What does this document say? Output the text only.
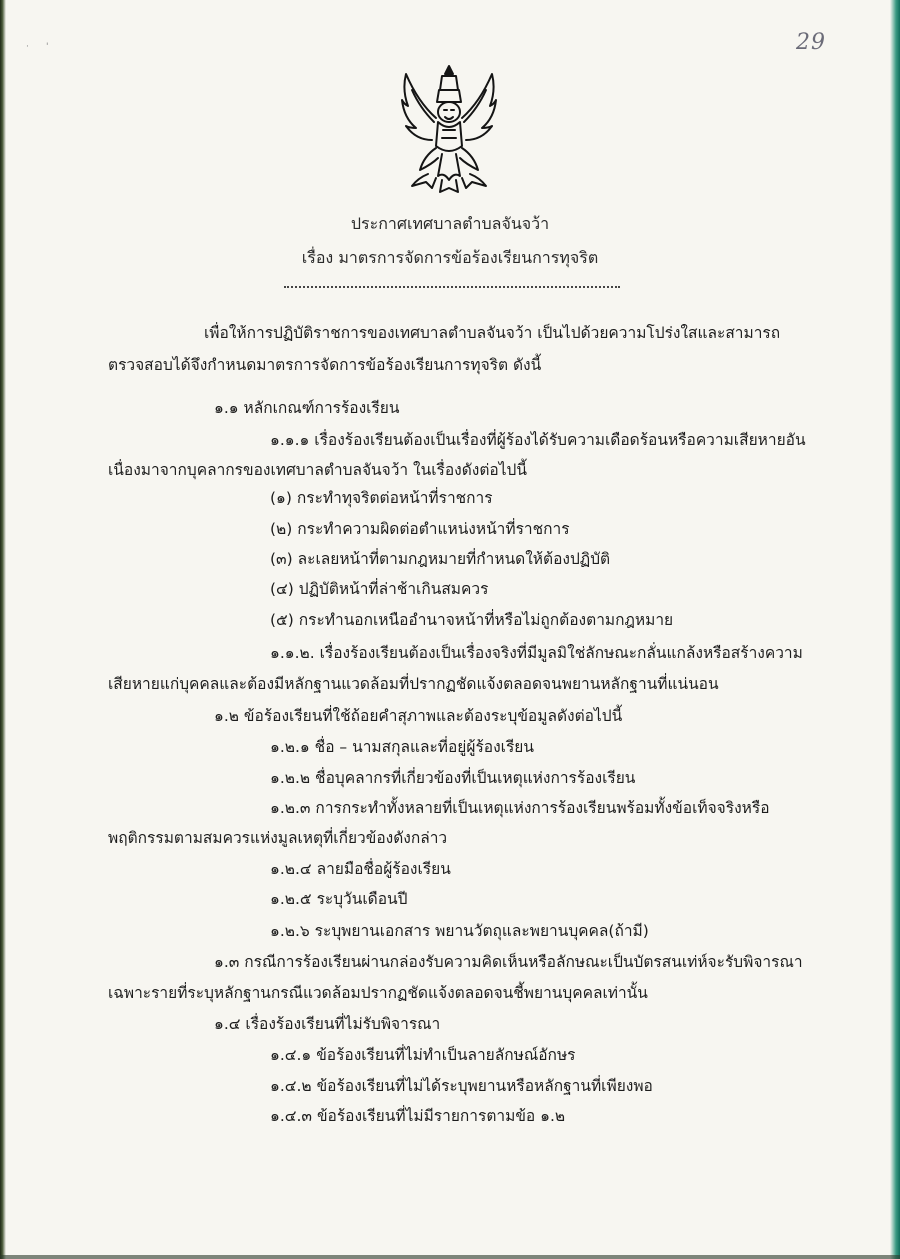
·      '	29
ประกาศเทศบาลตำบลจันจว้า
เรื่อง มาตรการจัดการข้อร้องเรียนการทุจริต
เพื่อให้การปฏิบัติราชการของเทศบาลตำบลจันจว้า เป็นไปด้วยความโปร่งใสและสามารถ
ตรวจสอบได้จึงกำหนดมาตรการจัดการข้อร้องเรียนการทุจริต ดังนี้
๑.๑ หลักเกณฑ์การร้องเรียน
๑.๑.๑ เรื่องร้องเรียนต้องเป็นเรื่องที่ผู้ร้องได้รับความเดือดร้อนหรือความเสียหายอัน
เนื่องมาจากบุคลากรของเทศบาลตำบลจันจว้า ในเรื่องดังต่อไปนี้
(๑) กระทำทุจริตต่อหน้าที่ราชการ
(๒) กระทำความผิดต่อตำแหน่งหน้าที่ราชการ
(๓) ละเลยหน้าที่ตามกฎหมายที่กำหนดให้ต้องปฏิบัติ
(๔) ปฏิบัติหน้าที่ล่าช้าเกินสมควร
(๕) กระทำนอกเหนืออำนาจหน้าที่หรือไม่ถูกต้องตามกฎหมาย
๑.๑.๒. เรื่องร้องเรียนต้องเป็นเรื่องจริงที่มีมูลมิใช่ลักษณะกลั่นแกล้งหรือสร้างความ
เสียหายแก่บุคคลและต้องมีหลักฐานแวดล้อมที่ปรากฏชัดแจ้งตลอดจนพยานหลักฐานที่แน่นอน
๑.๒ ข้อร้องเรียนที่ใช้ถ้อยคำสุภาพและต้องระบุข้อมูลดังต่อไปนี้
๑.๒.๑ ชื่อ – นามสกุลและที่อยู่ผู้ร้องเรียน
๑.๒.๒ ชื่อบุคลากรที่เกี่ยวข้องที่เป็นเหตุแห่งการร้องเรียน
๑.๒.๓ การกระทำทั้งหลายที่เป็นเหตุแห่งการร้องเรียนพร้อมทั้งข้อเท็จจริงหรือ
พฤติกรรมตามสมควรแห่งมูลเหตุที่เกี่ยวข้องดังกล่าว
๑.๒.๔ ลายมือชื่อผู้ร้องเรียน
๑.๒.๕ ระบุวันเดือนปี
๑.๒.๖ ระบุพยานเอกสาร พยานวัตถุและพยานบุคคล(ถ้ามี)
๑.๓ กรณีการร้องเรียนผ่านกล่องรับความคิดเห็นหรือลักษณะเป็นบัตรสนเท่ห์จะรับพิจารณา
เฉพาะรายที่ระบุหลักฐานกรณีแวดล้อมปรากฏชัดแจ้งตลอดจนชี้พยานบุคคลเท่านั้น
๑.๔ เรื่องร้องเรียนที่ไม่รับพิจารณา
๑.๔.๑ ข้อร้องเรียนที่ไม่ทำเป็นลายลักษณ์อักษร
๑.๔.๒ ข้อร้องเรียนที่ไม่ได้ระบุพยานหรือหลักฐานที่เพียงพอ
๑.๔.๓ ข้อร้องเรียนที่ไม่มีรายการตามข้อ ๑.๒
